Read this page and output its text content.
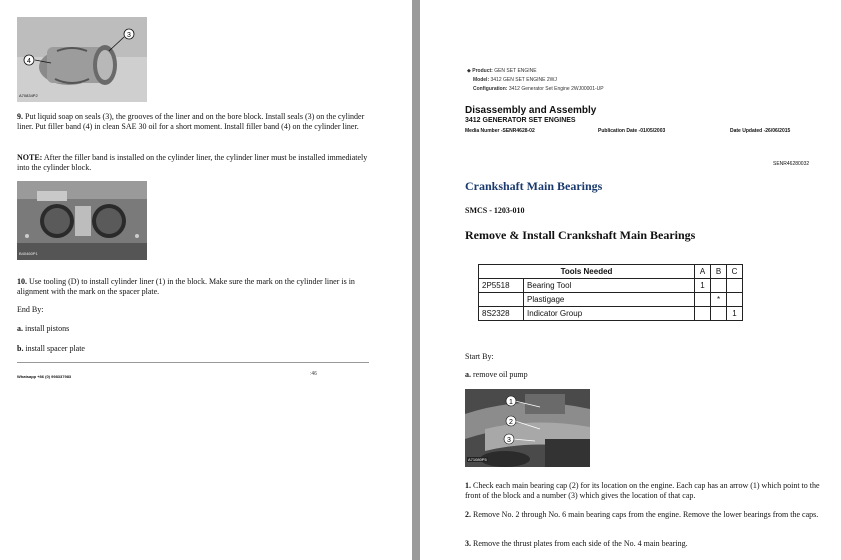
4
3
A70834P2
9. Put liquid soap on seals (3), the grooves of the liner and on the bore block. Install seals (3) on the cylinder liner. Put filler band (4) in clean SAE 30 oil for a short moment. Install filler band (4) on the cylinder liner.
NOTE: After the filler band is installed on the cylinder liner, the cylinder liner must be installed immediately into the cylinder block.
B40460P1
10. Use tooling (D) to install cylinder liner (1) in the block. Make sure the mark on the cylinder liner is in alignment with the mark on the spacer plate.
End By:
a. install pistons
b. install spacer plate
Whatsapp +86 (0) 998337983	:46
◆ Product: GEN SET ENGINE
Model: 3412 GEN SET ENGINE 2WJ
Configuration: 3412 Generator Set Engine 2WJ00001-UP
Disassembly and Assembly
3412 GENERATOR SET ENGINES
Media Number -SENR4628-02	Publication Date -01/05/2003	Date Updated -26/06/2015
SENR46280032
Crankshaft Main Bearings
SMCS - 1203-010
Remove & Install Crankshaft Main Bearings
Tools Needed		A	B	C
2P5518	Bearing Tool	1		
	Plastigage		*	
8S2328	Indicator Group			1
Start By:
a. remove oil pump
1
2
3
A71080P5
1. Check each main bearing cap (2) for its location on the engine. Each cap has an arrow (1) which point to the front of the block and a number (3) which gives the location of that cap.
2. Remove No. 2 through No. 6 main bearing caps from the engine. Remove the lower bearings from the caps.
3. Remove the thrust plates from each side of the No. 4 main bearing.
